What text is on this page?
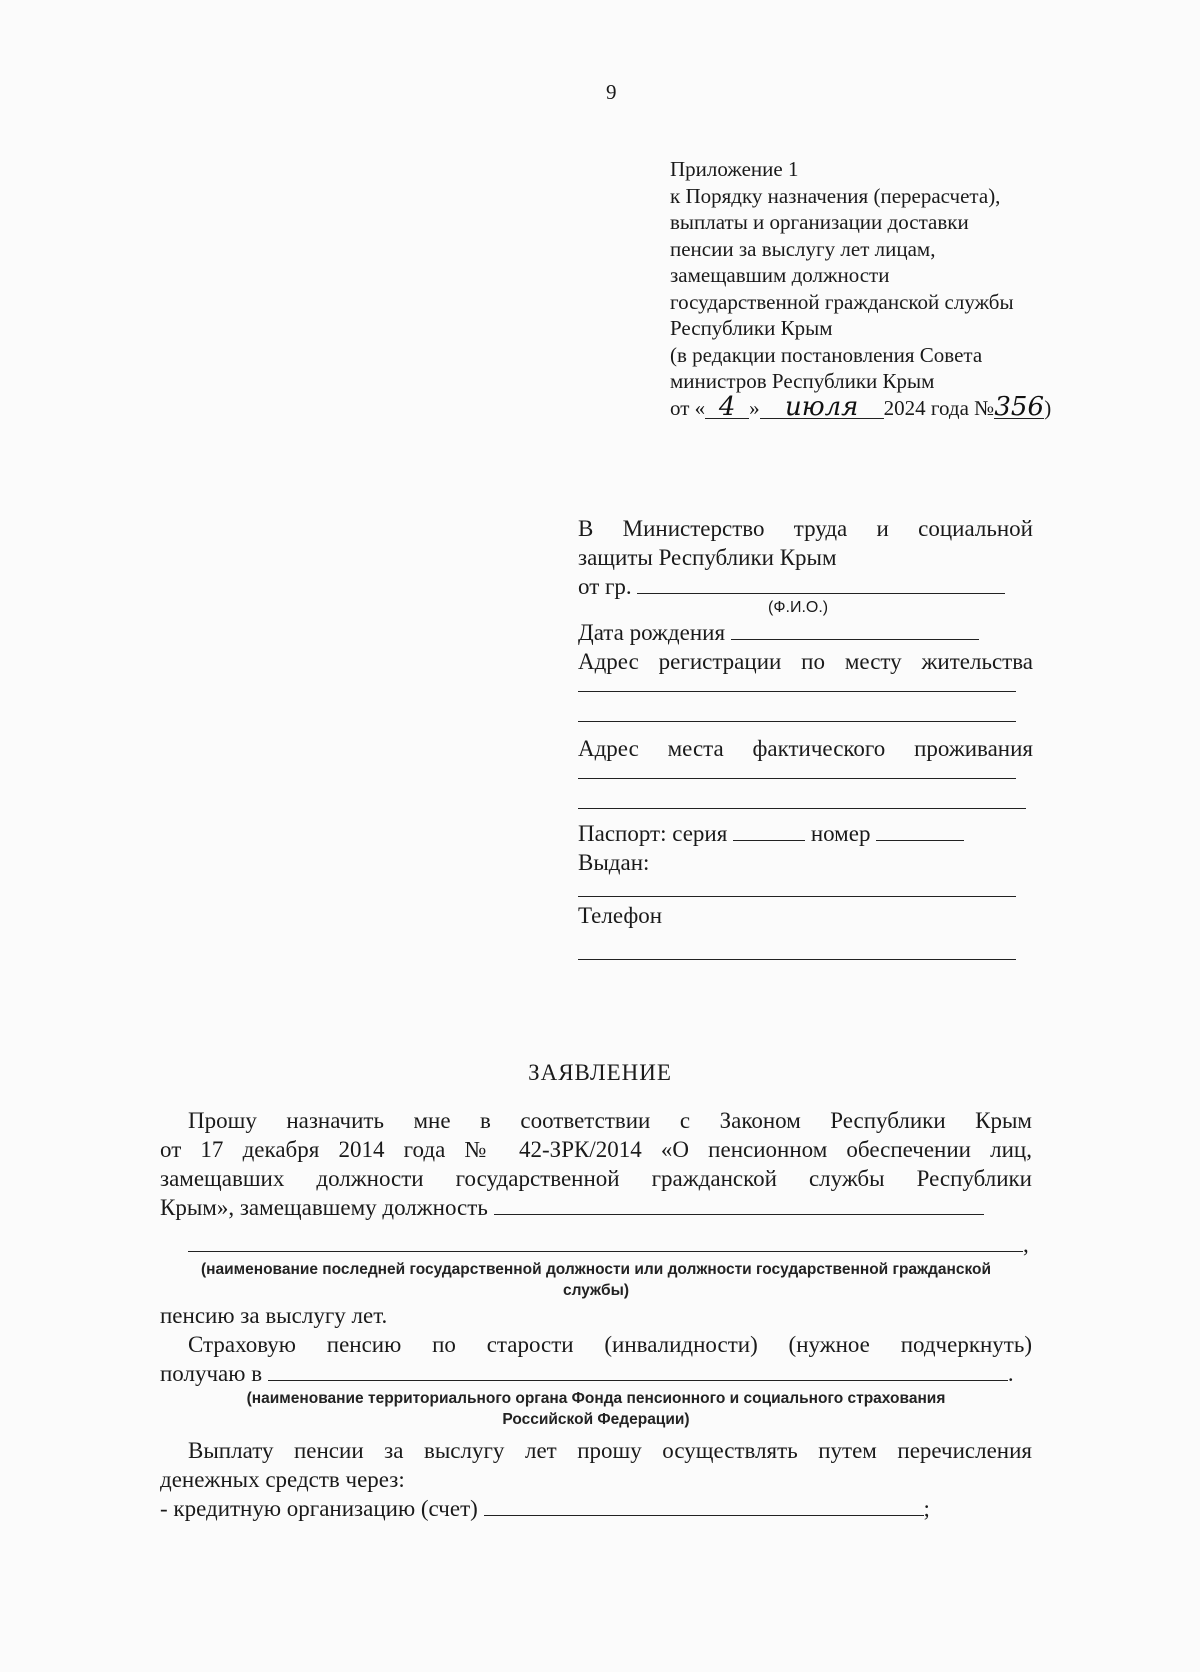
9
Приложение 1
к Порядку назначения (перерасчета),
выплаты и организации доставки
пенсии за выслугу лет лицам,
замещавшим должности
государственной гражданской службы
Республики Крым
(в редакции постановления Совета
министров Республики Крым
от « 4 » июля 2024 года №356)
В Министерство труда и социальной
защиты Республики Крым
от гр.
(Ф.И.О.)
Дата рождения
Адрес регистрации по месту жительства
Адрес места фактического проживания
Паспорт: серия	номер
Выдан:
Телефон
ЗАЯВЛЕНИЕ

Прошу назначить мне в соответствии с Законом Республики Крым

от 17 декабря 2014 года № 42-ЗРК/2014 «О пенсионном обеспечении лиц,

замещавших должности государственной гражданской службы Республики

Крым», замещавшему должность

,

(наименование последней государственной должности или должности государственной гражданской
службы)

пенсию за выслугу лет.

Страховую пенсию по старости (инвалидности) (нужное подчеркнуть)

получаю в	.

(наименование территориального органа Фонда пенсионного и социального страхования
Российской Федерации)

Выплату пенсии за выслугу лет прошу осуществлять путем перечисления

денежных средств через:

- кредитную организацию (счет)	;
